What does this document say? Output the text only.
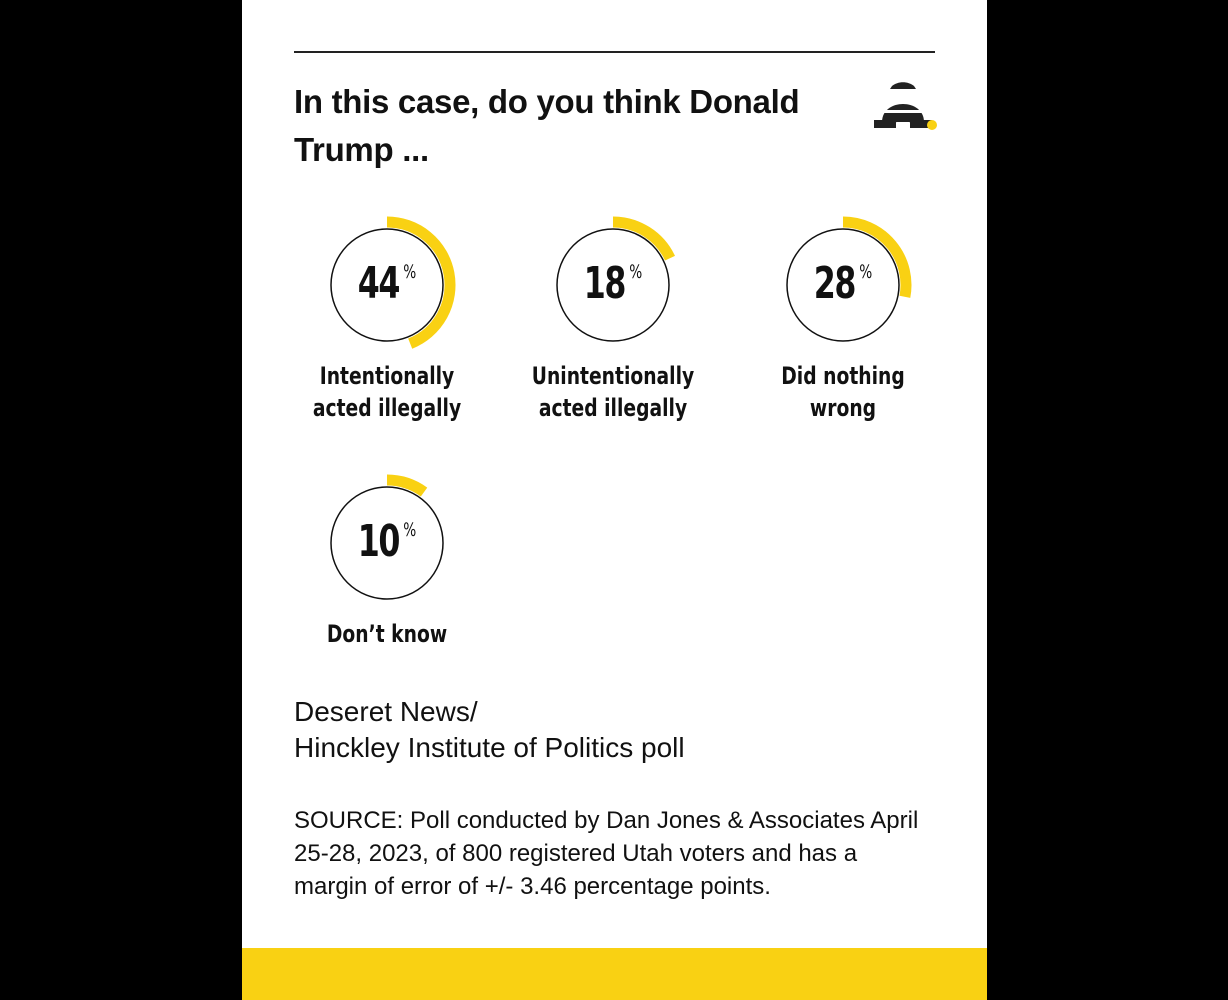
In this case, do you think Donald Trump ...
44 %
Intentionally
acted illegally
18 %
Unintentionally
acted illegally
28 %
Did nothing
wrong
10 %
Don’t know
Deseret News/
Hinckley Institute of Politics poll
SOURCE: Poll conducted by Dan Jones & Associates April 25-28, 2023, of 800 registered Utah voters and has a margin of error of +/- 3.46 percentage points.
